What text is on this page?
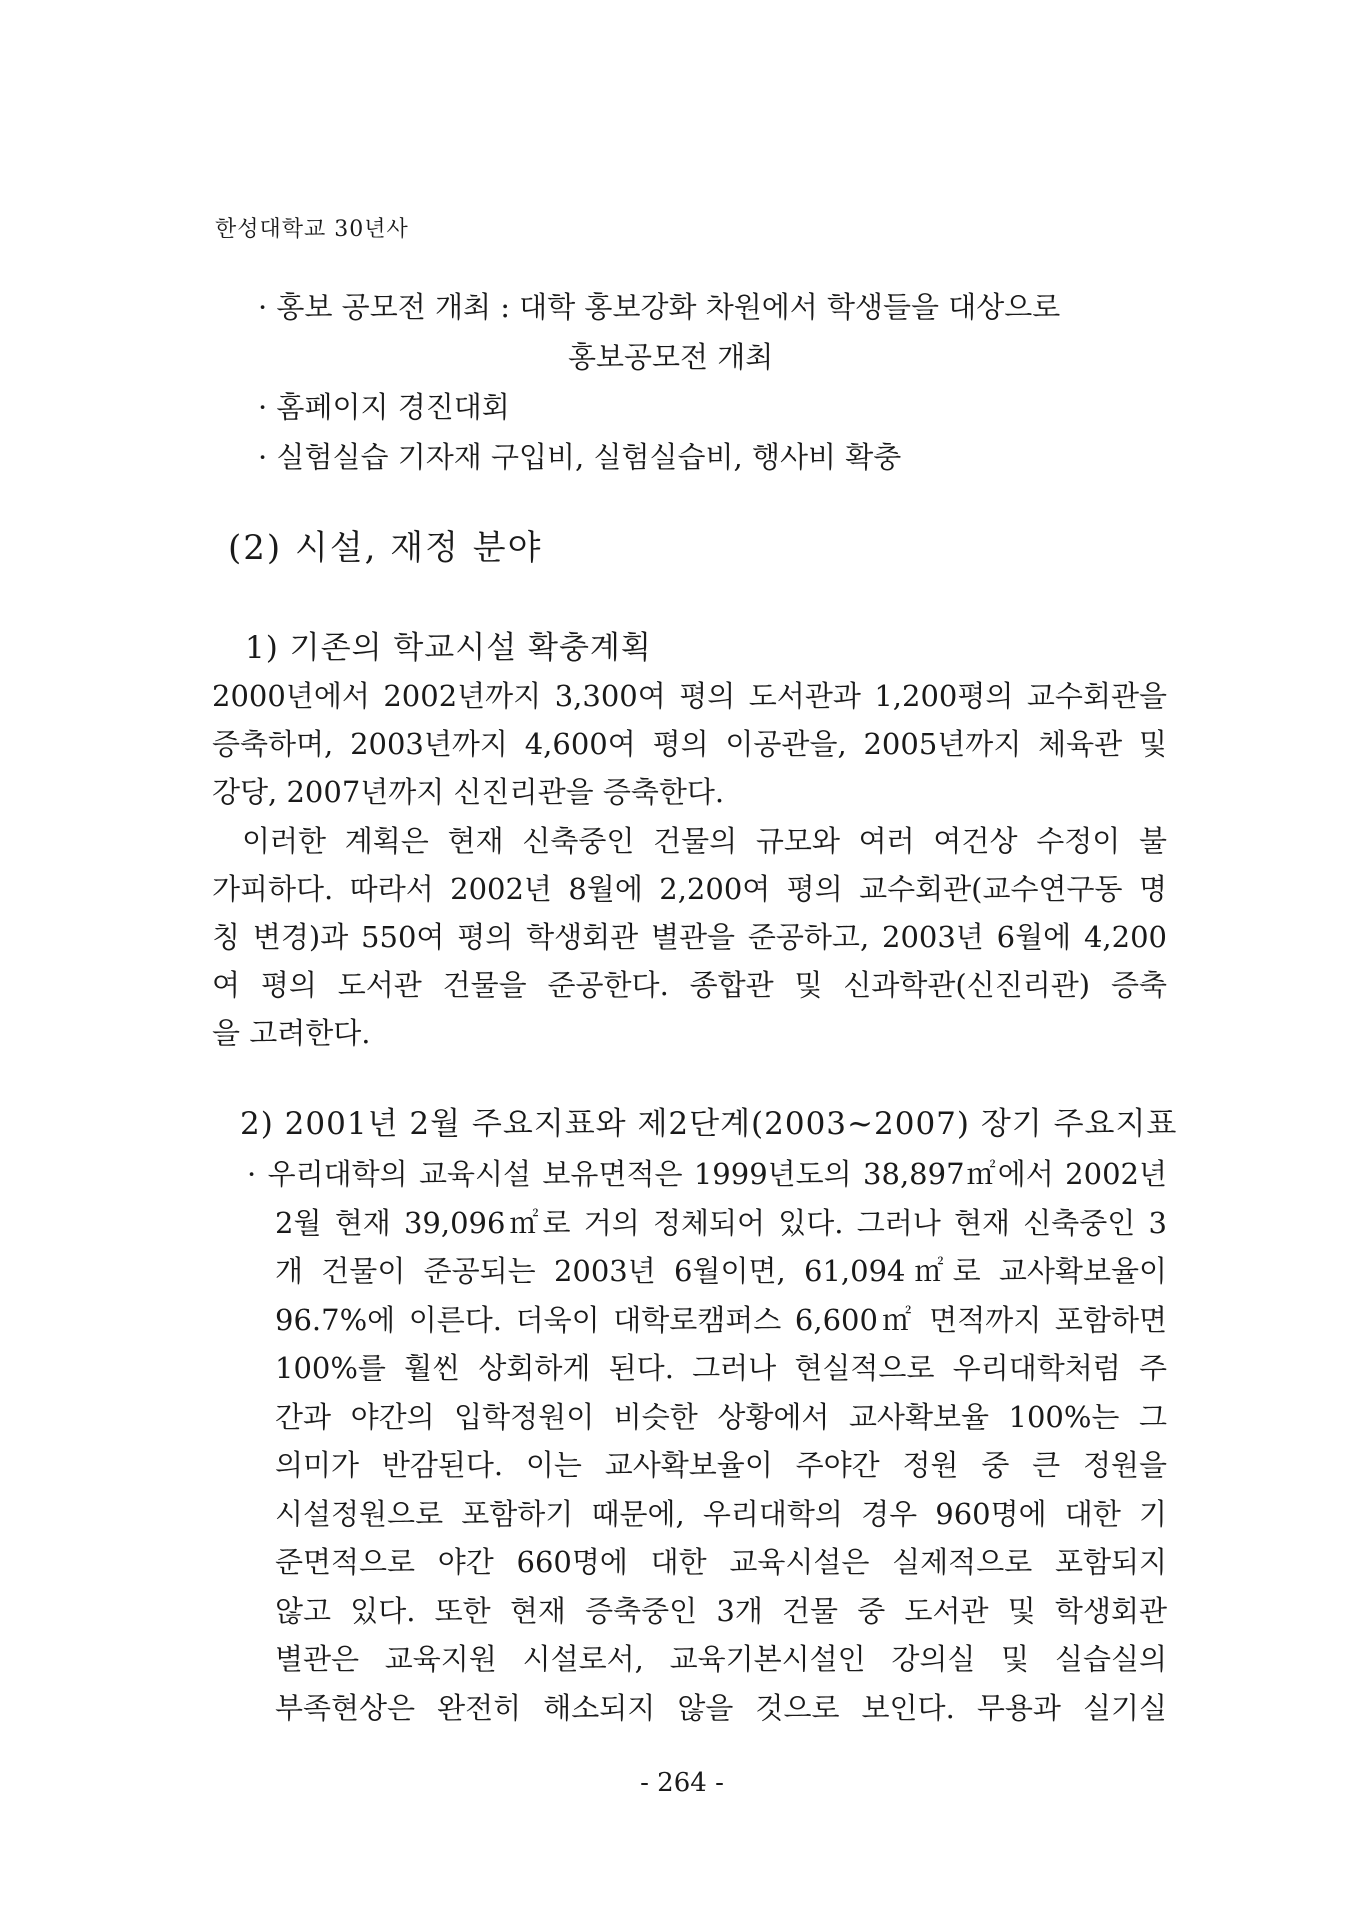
한성대학교 30년사
· 홍보 공모전 개최 : 대학 홍보강화 차원에서 학생들을 대상으로
홍보공모전 개최
· 홈페이지 경진대회
· 실험실습 기자재 구입비, 실험실습비, 행사비 확충
(2) 시설, 재정 분야
1) 기존의 학교시설 확충계획
2000년에서 2002년까지 3,300여 평의 도서관과 1,200평의 교수회관을
증축하며, 2003년까지 4,600여 평의 이공관을, 2005년까지 체육관 및
강당, 2007년까지 신진리관을 증축한다.
이러한 계획은 현재 신축중인 건물의 규모와 여러 여건상 수정이 불
가피하다. 따라서 2002년 8월에 2,200여 평의 교수회관(교수연구동 명
칭 변경)과 550여 평의 학생회관 별관을 준공하고, 2003년 6월에 4,200
여 평의 도서관 건물을 준공한다. 종합관 및 신과학관(신진리관) 증축
을 고려한다.
2) 2001년 2월 주요지표와 제2단계(2003~2007) 장기 주요지표
· 우리대학의 교육시설 보유면적은 1999년도의 38,897㎡에서 2002년
2월 현재 39,096㎡로 거의 정체되어 있다. 그러나 현재 신축중인 3
개 건물이 준공되는 2003년 6월이면, 61,094㎡로 교사확보율이
96.7%에 이른다. 더욱이 대학로캠퍼스 6,600㎡ 면적까지 포함하면
100%를 훨씬 상회하게 된다. 그러나 현실적으로 우리대학처럼 주
간과 야간의 입학정원이 비슷한 상황에서 교사확보율 100%는 그
의미가 반감된다. 이는 교사확보율이 주야간 정원 중 큰 정원을
시설정원으로 포함하기 때문에, 우리대학의 경우 960명에 대한 기
준면적으로 야간 660명에 대한 교육시설은 실제적으로 포함되지
않고 있다. 또한 현재 증축중인 3개 건물 중 도서관 및 학생회관
별관은 교육지원 시설로서, 교육기본시설인 강의실 및 실습실의
부족현상은 완전히 해소되지 않을 것으로 보인다. 무용과 실기실
- 264 -
